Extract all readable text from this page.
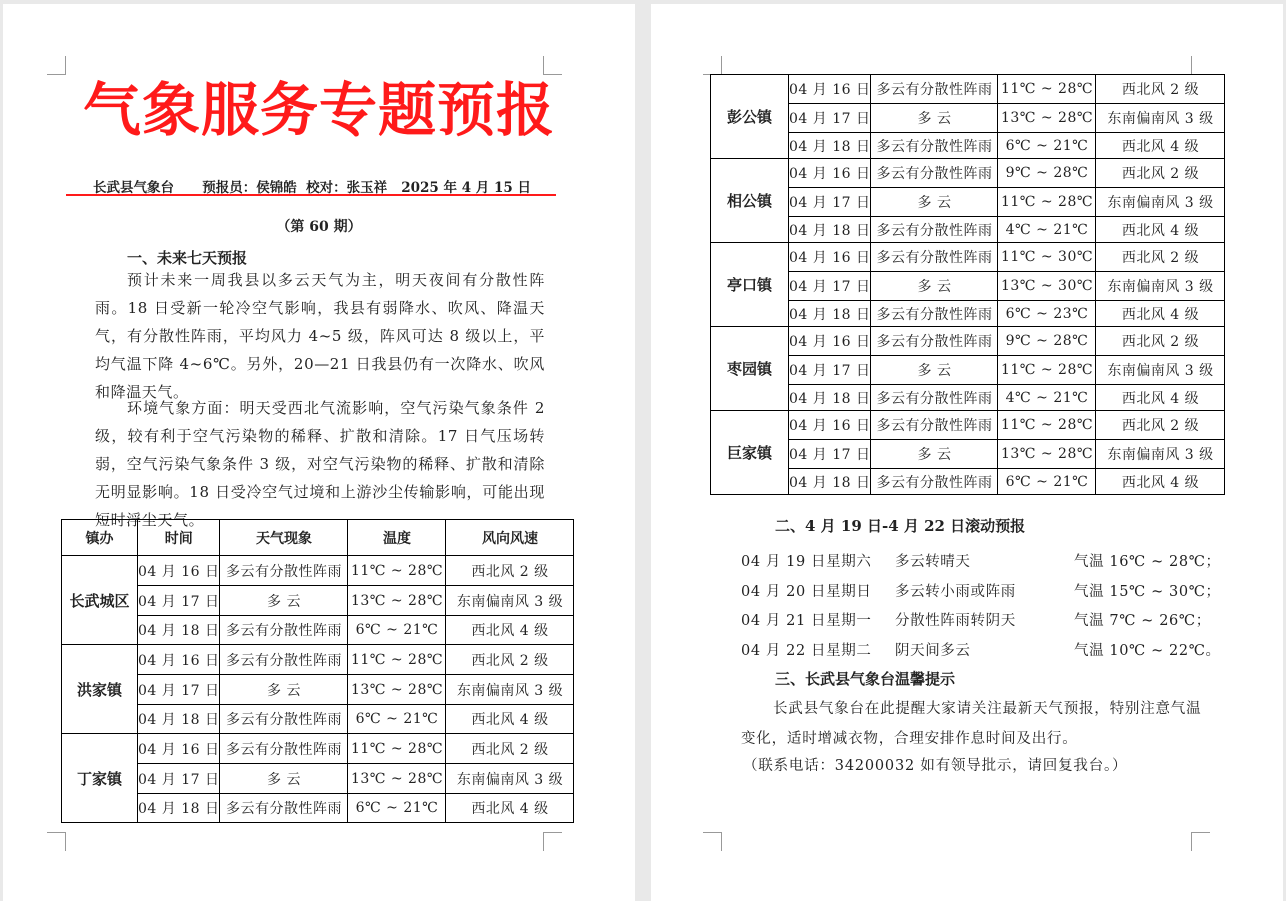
气象服务专题预报
长武县气象台 预报员：侯锦皓 校对：张玉祥 2025 年 4 月 15 日
（第 60 期）
一、未来七天预报
预计未来一周我县以多云天气为主，明天夜间有分散性阵雨。18 日受新一轮冷空气影响，我县有弱降水、吹风、降温天气，有分散性阵雨，平均风力 4~5 级，阵风可达 8 级以上，平均气温下降 4~6℃。另外，20—21 日我县仍有一次降水、吹风和降温天气。
环境气象方面：明天受西北气流影响，空气污染气象条件 2 级，较有利于空气污染物的稀释、扩散和清除。17 日气压场转弱，空气污染气象条件 3 级，对空气污染物的稀释、扩散和清除无明显影响。18 日受冷空气过境和上游沙尘传输影响，可能出现短时浮尘天气。
镇办	时间	天气现象	温度	风向风速
长武城区	04 月 16 日	多云有分散性阵雨	11℃ ~ 28℃	西北风 2 级
	04 月 17 日	多 云	13℃ ~ 28℃	东南偏南风 3 级
	04 月 18 日	多云有分散性阵雨	6℃ ~ 21℃	西北风 4 级
洪家镇	04 月 16 日	多云有分散性阵雨	11℃ ~ 28℃	西北风 2 级
	04 月 17 日	多 云	13℃ ~ 28℃	东南偏南风 3 级
	04 月 18 日	多云有分散性阵雨	6℃ ~ 21℃	西北风 4 级
丁家镇	04 月 16 日	多云有分散性阵雨	11℃ ~ 28℃	西北风 2 级
	04 月 17 日	多 云	13℃ ~ 28℃	东南偏南风 3 级
	04 月 18 日	多云有分散性阵雨	6℃ ~ 21℃	西北风 4 级
彭公镇	04 月 16 日	多云有分散性阵雨	11℃ ~ 28℃	西北风 2 级
	04 月 17 日	多 云	13℃ ~ 28℃	东南偏南风 3 级
	04 月 18 日	多云有分散性阵雨	6℃ ~ 21℃	西北风 4 级
相公镇	04 月 16 日	多云有分散性阵雨	9℃ ~ 28℃	西北风 2 级
	04 月 17 日	多 云	11℃ ~ 28℃	东南偏南风 3 级
	04 月 18 日	多云有分散性阵雨	4℃ ~ 21℃	西北风 4 级
亭口镇	04 月 16 日	多云有分散性阵雨	11℃ ~ 30℃	西北风 2 级
	04 月 17 日	多 云	13℃ ~ 30℃	东南偏南风 3 级
	04 月 18 日	多云有分散性阵雨	6℃ ~ 23℃	西北风 4 级
枣园镇	04 月 16 日	多云有分散性阵雨	9℃ ~ 28℃	西北风 2 级
	04 月 17 日	多 云	11℃ ~ 28℃	东南偏南风 3 级
	04 月 18 日	多云有分散性阵雨	4℃ ~ 21℃	西北风 4 级
巨家镇	04 月 16 日	多云有分散性阵雨	11℃ ~ 28℃	西北风 2 级
	04 月 17 日	多 云	13℃ ~ 28℃	东南偏南风 3 级
	04 月 18 日	多云有分散性阵雨	6℃ ~ 21℃	西北风 4 级
二、4 月 19 日-4 月 22 日滚动预报
04 月 19 日星期六 多云转晴天	气温 16℃ ~ 28℃；
04 月 20 日星期日 多云转小雨或阵雨	气温 15℃ ~ 30℃；
04 月 21 日星期一 分散性阵雨转阴天	气温 7℃ ~ 26℃；
04 月 22 日星期二 阴天间多云	气温 10℃ ~ 22℃。
三、长武县气象台温馨提示
长武县气象台在此提醒大家请关注最新天气预报，特别注意气温变化，适时增减衣物，合理安排作息时间及出行。
（联系电话：34200032 如有领导批示，请回复我台。）
